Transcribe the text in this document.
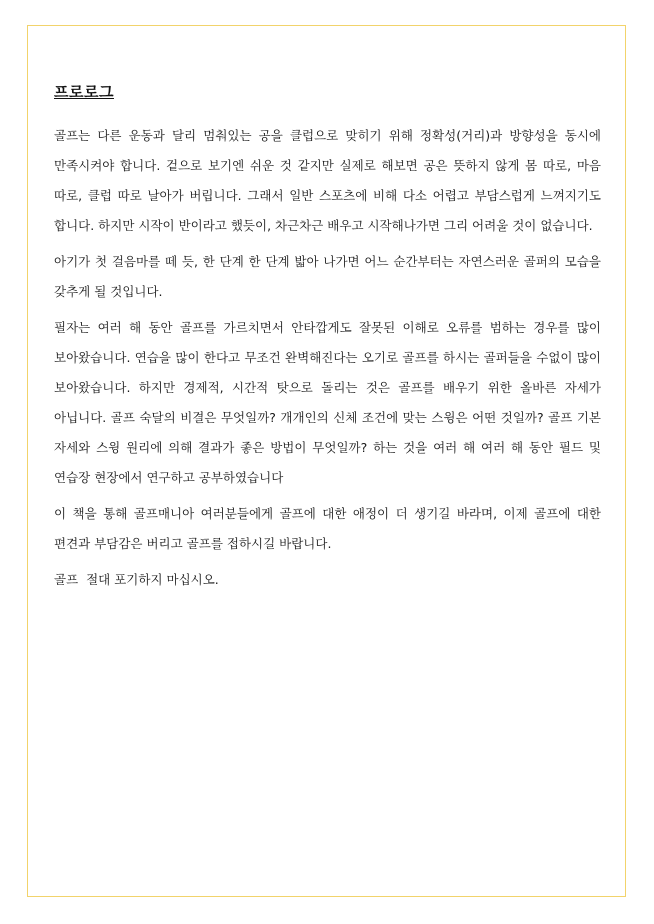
프로로그

골프는 다른 운동과 달리 멈춰있는 공을 클럽으로 맞히기 위해 정확성(거리)과 방향성을 동시에 만족시켜야 합니다. 겉으로 보기엔 쉬운 것 같지만 실제로 해보면 공은 뜻하지 않게 몸 따로, 마음 따로, 클럽 따로 날아가 버립니다. 그래서 일반 스포츠에 비해 다소 어렵고 부담스럽게 느껴지기도 합니다. 하지만 시작이 반이라고 했듯이, 차근차근 배우고 시작해나가면 그리 어려울 것이 없습니다.

아기가 첫 걸음마를 떼 듯, 한 단계 한 단계 밟아 나가면 어느 순간부터는 자연스러운 골퍼의 모습을 갖추게 될 것입니다.

필자는 여러 해 동안 골프를 가르치면서 안타깝게도 잘못된 이해로 오류를 범하는 경우를 많이 보아왔습니다. 연습을 많이 한다고 무조건 완벽해진다는 오기로 골프를 하시는 골퍼들을 수없이 많이 보아왔습니다. 하지만 경제적, 시간적 탓으로 돌리는 것은 골프를 배우기 위한 올바른 자세가 아닙니다. 골프 숙달의 비결은 무엇일까? 개개인의 신체 조건에 맞는 스윙은 어떤 것일까? 골프 기본 자세와 스윙 원리에 의해 결과가 좋은 방법이 무엇일까? 하는 것을 여러 해 여러 해 동안 필드 및 연습장 현장에서 연구하고 공부하였습니다

이 책을 통해 골프매니아 여러분들에게 골프에 대한 애정이 더 생기길 바라며, 이제 골프에 대한 편견과 부담감은 버리고 골프를 접하시길 바랍니다.

골프  절대 포기하지 마십시오.
